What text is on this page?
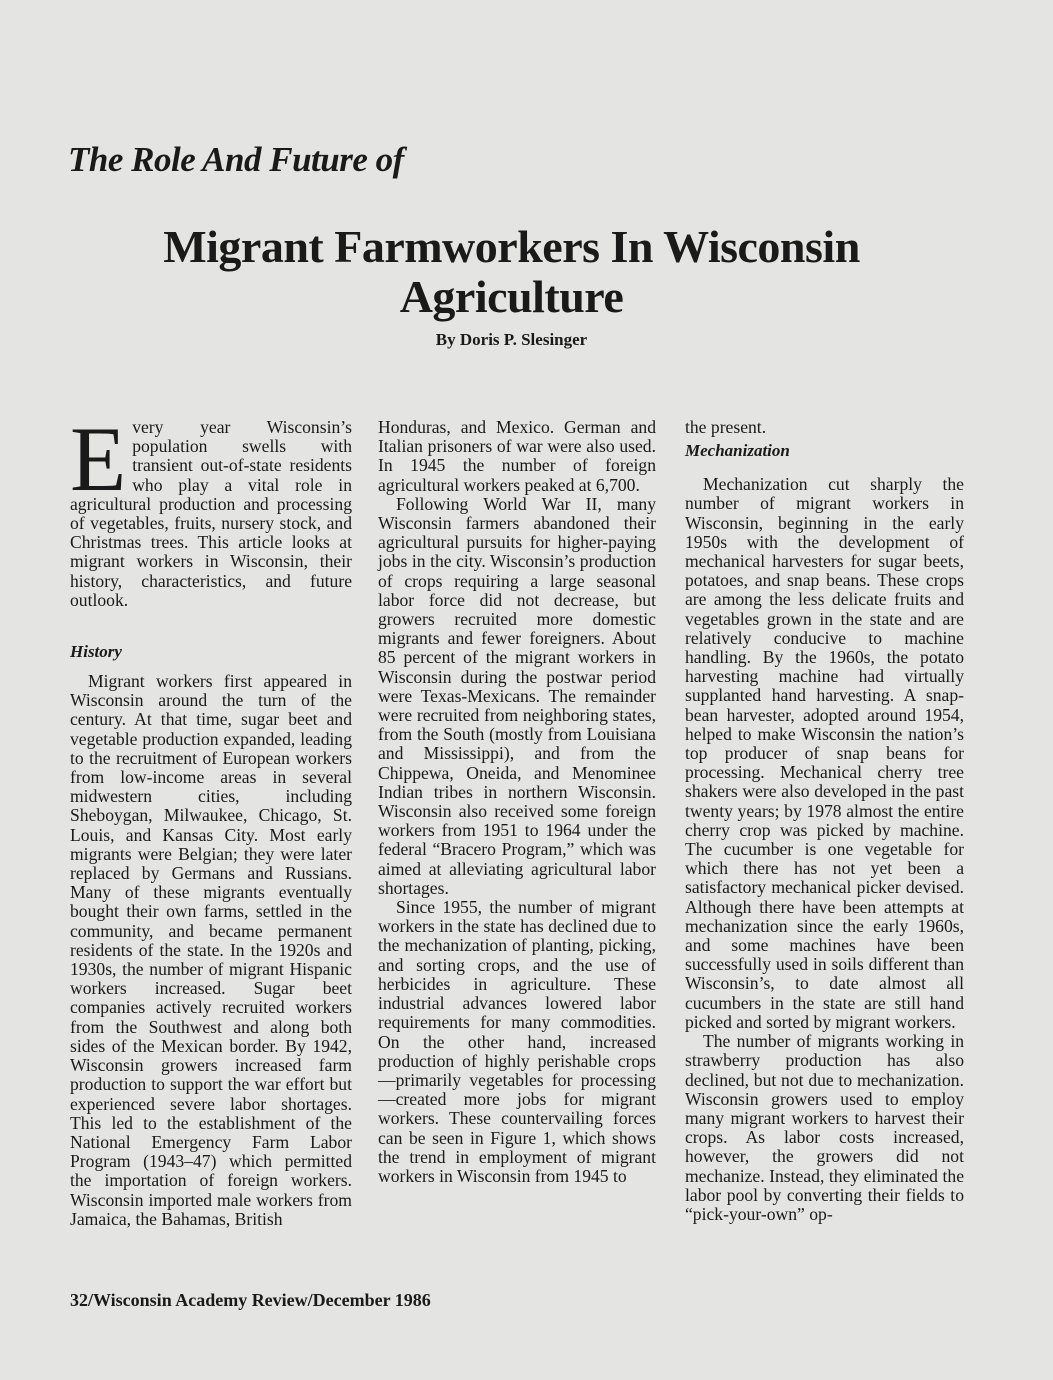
The Role And Future of
Migrant Farmworkers In Wisconsin
Agriculture

By Doris P. Slesinger

Every year Wisconsin’s population swells with transient out-of-state residents who play a vital role in agricultural production and processing of vegetables, fruits, nursery stock, and Christmas trees. This article looks at migrant workers in Wisconsin, their history, characteristics, and future outlook.

History

Migrant workers first appeared in Wisconsin around the turn of the century. At that time, sugar beet and vegetable production expanded, leading to the recruitment of European workers from low-income areas in several midwestern cities, including Sheboygan, Milwaukee, Chicago, St. Louis, and Kansas City. Most early migrants were Belgian; they were later replaced by Germans and Russians. Many of these migrants eventually bought their own farms, settled in the community, and became permanent residents of the state. In the 1920s and 1930s, the number of migrant Hispanic workers increased. Sugar beet companies actively recruited workers from the Southwest and along both sides of the Mexican border. By 1942, Wisconsin growers increased farm production to support the war effort but experienced severe labor shortages. This led to the establishment of the National Emergency Farm Labor Program (1943–47) which permitted the importation of foreign workers. Wisconsin imported male workers from Jamaica, the Bahamas, British

Honduras, and Mexico. German and Italian prisoners of war were also used. In 1945 the number of foreign agricultural workers peaked at 6,700.

Following World War II, many Wisconsin farmers abandoned their agricultural pursuits for higher-paying jobs in the city. Wisconsin’s production of crops requiring a large seasonal labor force did not decrease, but growers recruited more domestic migrants and fewer foreigners. About 85 percent of the migrant workers in Wisconsin during the postwar period were Texas-Mexicans. The remainder were recruited from neighboring states, from the South (mostly from Louisiana and Mississippi), and from the Chippewa, Oneida, and Menominee Indian tribes in northern Wisconsin. Wisconsin also received some foreign workers from 1951 to 1964 under the federal “Bracero Program,” which was aimed at alleviating agricultural labor shortages.

Since 1955, the number of migrant workers in the state has declined due to the mechanization of planting, picking, and sorting crops, and the use of herbicides in agriculture. These industrial advances lowered labor requirements for many commodities. On the other hand, increased production of highly perishable crops—primarily vegetables for processing—created more jobs for migrant workers. These countervailing forces can be seen in Figure 1, which shows the trend in employment of migrant workers in Wisconsin from 1945 to

the present.

Mechanization

Mechanization cut sharply the number of migrant workers in Wisconsin, beginning in the early 1950s with the development of mechanical harvesters for sugar beets, potatoes, and snap beans. These crops are among the less delicate fruits and vegetables grown in the state and are relatively conducive to machine handling. By the 1960s, the potato harvesting machine had virtually supplanted hand harvesting. A snap-bean harvester, adopted around 1954, helped to make Wisconsin the nation’s top producer of snap beans for processing. Mechanical cherry tree shakers were also developed in the past twenty years; by 1978 almost the entire cherry crop was picked by machine. The cucumber is one vegetable for which there has not yet been a satisfactory mechanical picker devised. Although there have been attempts at mechanization since the early 1960s, and some machines have been successfully used in soils different than Wisconsin’s, to date almost all cucumbers in the state are still hand picked and sorted by migrant workers.

The number of migrants working in strawberry production has also declined, but not due to mechanization. Wisconsin growers used to employ many migrant workers to harvest their crops. As labor costs increased, however, the growers did not mechanize. Instead, they eliminated the labor pool by converting their fields to “pick-your-own” op-

32/Wisconsin Academy Review/December 1986
